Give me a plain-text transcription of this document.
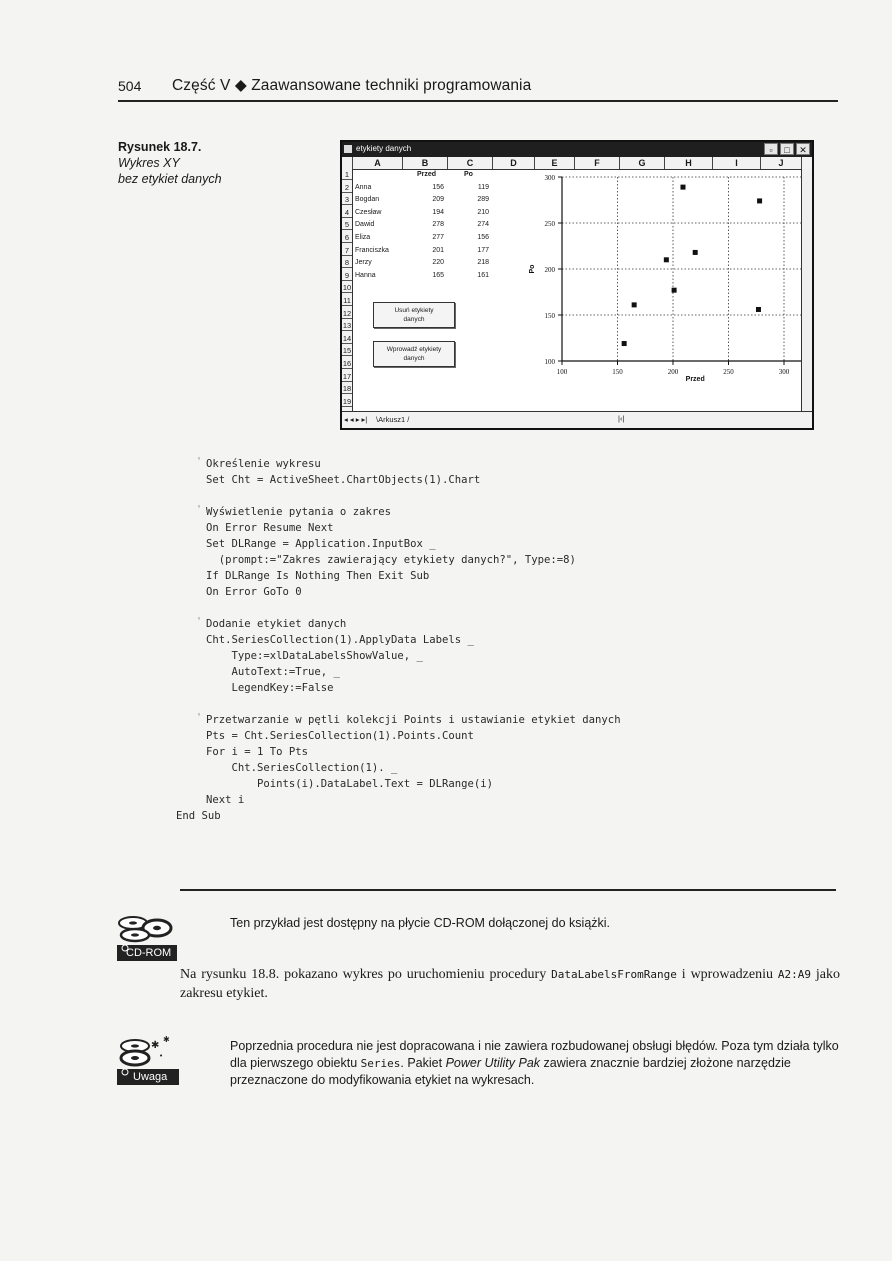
504 Część V ◆ Zaawansowane techniki programowania
Rysunek 18.7.
Wykres XY
bez etykiet danych
etykiety danych	▫	□	✕
A	B	C	D	E	F	G	H	I	J
1
2
3
4
5
6
7
8
9
10
11
12
13
14
15
16
17
18
19
Przed	Po
Anna	156	119
Bogdan	209	289
Czesław	194	210
Dawid	278	274
Eliza	277	156
Franciszka	201	177
Jerzy	220	218
Hanna	165	161
Usuń etykiety
danych
Wprowadź etykiety
danych	100
150
200
250
300
100	150	200	250	300
Przed
Po
◂ ◂ ▸ ▸| \Arkusz1 /	|‹|
'
'
'
'
Określenie wykresu
Set Cht = ActiveSheet.ChartObjects(1).Chart
Wyświetlenie pytania o zakres
On Error Resume Next
Set DLRange = Application.InputBox _
(prompt:="Zakres zawierający etykiety danych?", Type:=8)
If DLRange Is Nothing Then Exit Sub
On Error GoTo 0
Dodanie etykiet danych
Cht.SeriesCollection(1).ApplyData Labels _
Type:=xlDataLabelsShowValue, _
AutoText:=True, _
LegendKey:=False
Przetwarzanie w pętli kolekcji Points i ustawianie etykiet danych
Pts = Cht.SeriesCollection(1).Points.Count
For i = 1 To Pts
Cht.SeriesCollection(1). _
Points(i).DataLabel.Text = DLRange(i)
Next i
End Sub
CD-ROM
Ten przykład jest dostępny na płycie CD-ROM dołączonej do książki.
Na rysunku 18.8. pokazano wykres po uruchomieniu procedury DataLabelsFromRange i wprowadzeniu A2:A9 jako zakresu etykiet.
✱
✱
•
Uwaga
Poprzednia procedura nie jest dopracowana i nie zawiera rozbudowanej obsługi błędów. Poza tym działa tylko dla pierwszego obiektu Series. Pakiet Power Utility Pak zawiera znacznie bardziej złożone narzędzie przeznaczone do modyfikowania etykiet na wykresach.
